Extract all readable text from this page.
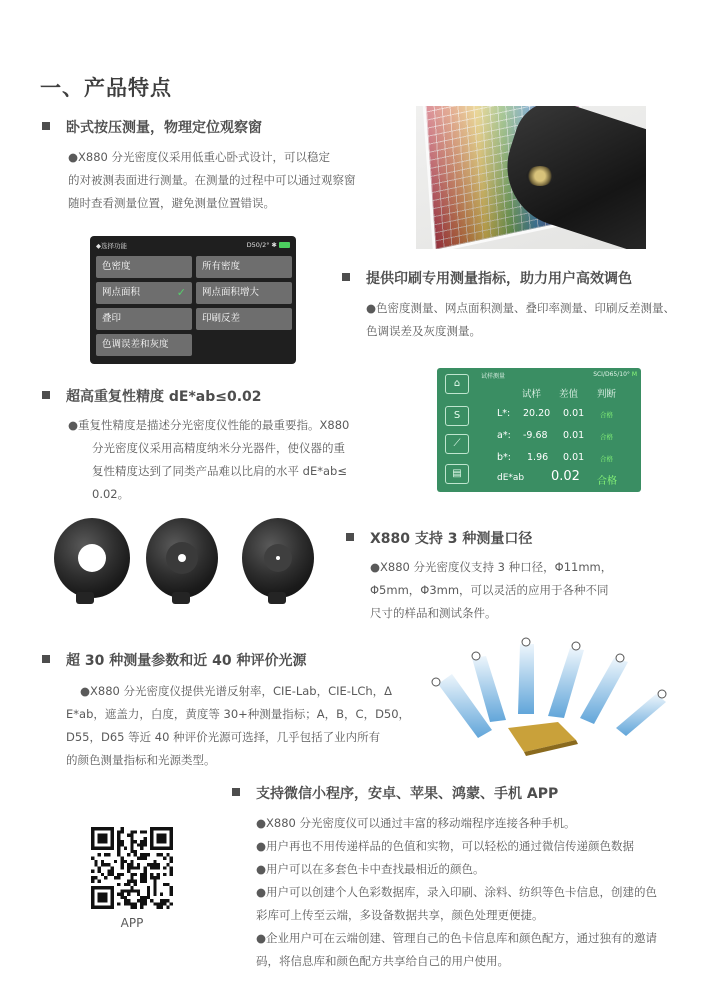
一、产品特点
卧式按压测量，物理定位观察窗

●X880 分光密度仪采用低重心卧式设计，可以稳定

的对被测表面进行测量。在测量的过程中可以通过观察窗

随时查看测量位置，避免测量位置错误。

◆选择功能	D50/2° ✱
色密度	所有密度
网点面积	✓	网点面积增大
叠印	印刷反差
色调误差和灰度
提供印刷专用测量指标，助力用户高效调色

●色密度测量、网点面积测量、叠印率测量、印刷反差测量、

色调误差及灰度测量。

超高重复性精度 dE*ab≤0.02

●重复性精度是描述分光密度仪性能的最重要指。X880

分光密度仪采用高精度纳米分光器件，使仪器的重

复性精度达到了同类产品难以比肩的水平 dE*ab≤

0.02。

⌂
S
⟋
▤
试样测量	SCI/D65/10° M
试样 差值 判断
L*: 20.20 0.01 合格
a*: -9.68 0.01 合格
b*: 1.96 0.01 合格
dE*ab 0.02 合格
X880 支持 3 种测量口径

●X880 分光密度仪支持 3 种口径，Φ11mm，

Φ5mm，Φ3mm，可以灵活的应用于各种不同

尺寸的样品和测试条件。

超 30 种测量参数和近 40 种评价光源

●X880 分光密度仪提供光谱反射率，CIE-Lab，CIE-LCh，Δ

E*ab，遮盖力，白度，黄度等 30+种测量指标；A，B，C，D50，

D55，D65 等近 40 种评价光源可选择，几乎包括了业内所有

的颜色测量指标和光源类型。

支持微信小程序，安卓、苹果、鸿蒙、手机 APP

●X880 分光密度仪可以通过丰富的移动端程序连接各种手机。

●用户再也不用传递样品的色值和实物，可以轻松的通过微信传递颜色数据

●用户可以在多套色卡中查找最相近的颜色。

●用户可以创建个人色彩数据库，录入印刷、涂料、纺织等色卡信息，创建的色

彩库可上传至云端，多设备数据共享，颜色处理更便捷。

●企业用户可在云端创建、管理自己的色卡信息库和颜色配方，通过独有的邀请

码，将信息库和颜色配方共享给自己的用户使用。

APP
